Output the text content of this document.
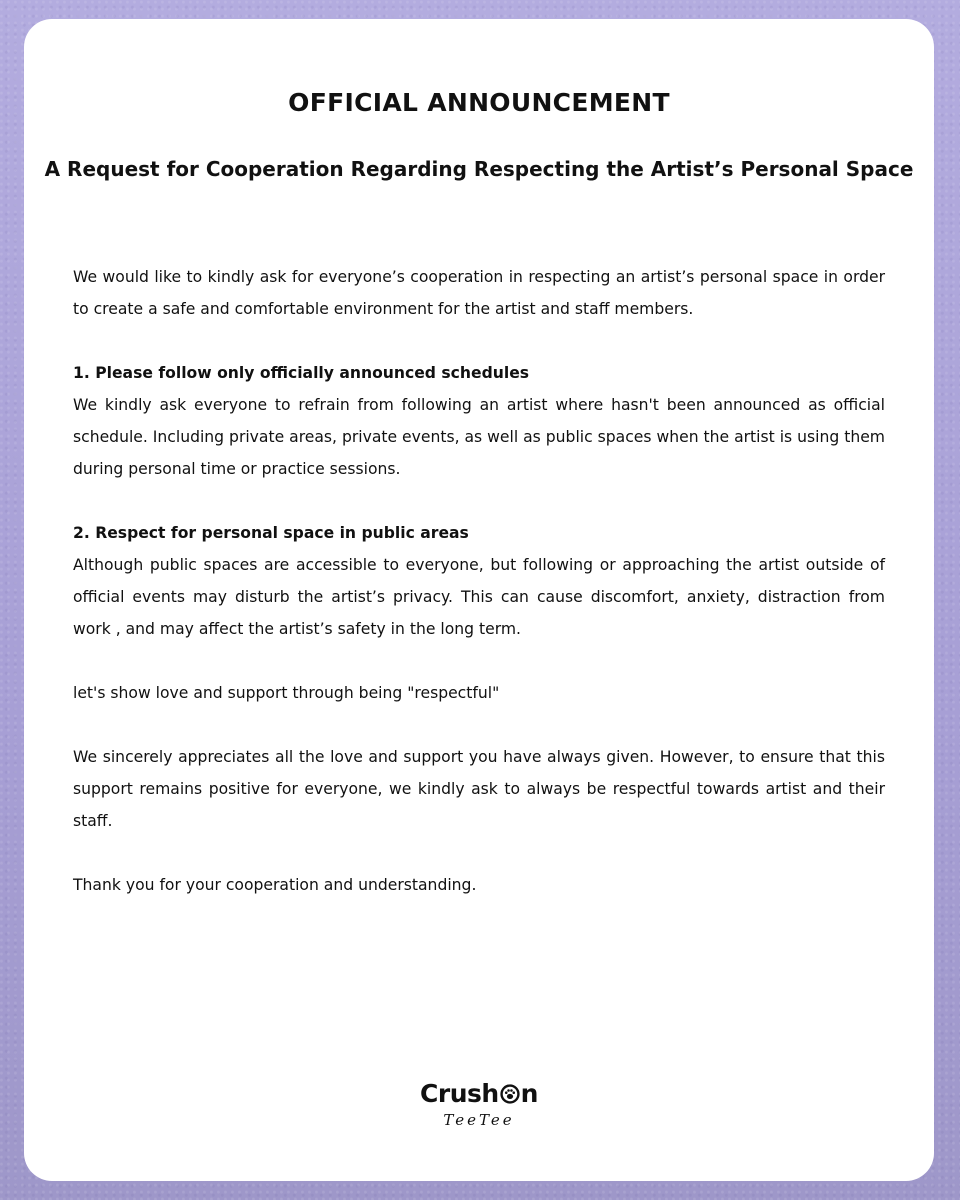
OFFICIAL ANNOUNCEMENT
A Request for Cooperation Regarding Respecting the Artist’s Personal Space

We would like to kindly ask for everyone’s cooperation in respecting an artist’s personal space in order to create a safe and comfortable environment for the artist and staff members.

1. Please follow only officially announced schedules

We kindly ask everyone to refrain from following an artist where hasn't been announced as official schedule. Including private areas, private events, as well as public spaces when the artist is using them during personal time or practice sessions.

2. Respect for personal space in public areas

Although public spaces are accessible to everyone, but following or approaching the artist outside of official events may disturb the artist’s privacy. This can cause discomfort, anxiety, distraction from work , and may affect the artist’s safety in the long term.

let's show love and support through being "respectful"

We sincerely appreciates all the love and support you have always given. However, to ensure that this support remains positive for everyone, we kindly ask to always be respectful towards artist and their staff.

Thank you for your cooperation and understanding.

Crush n
TeeTee
